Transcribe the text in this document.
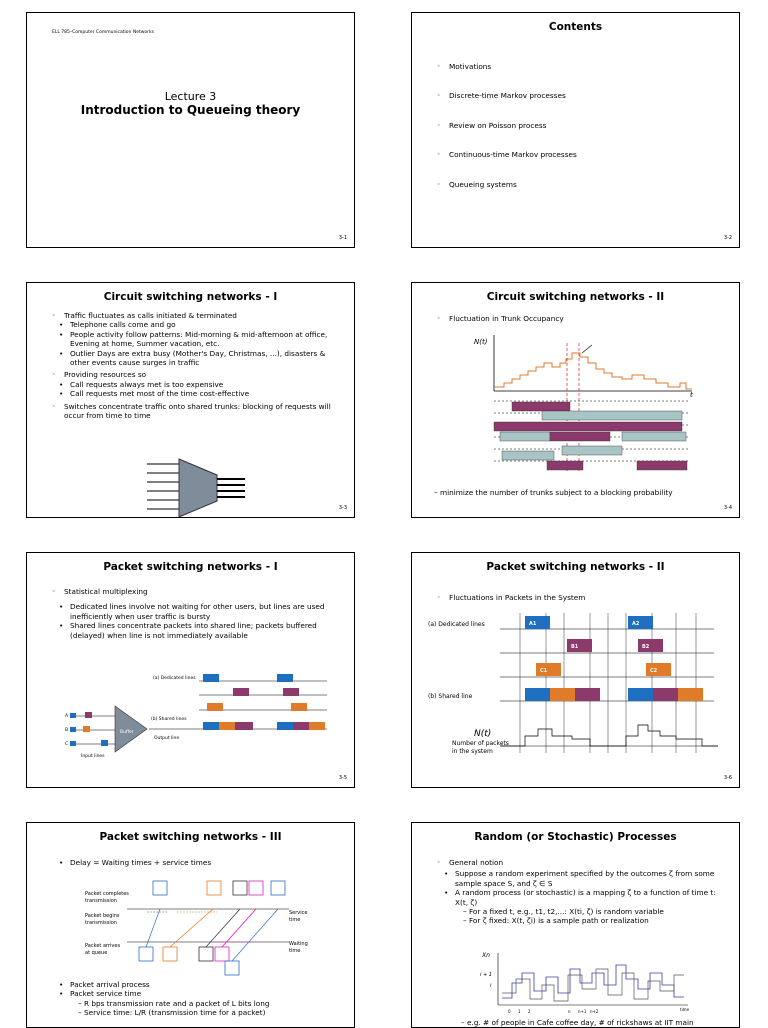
ELL 785–Computer Communication Networks
Lecture 3
Introduction to Queueing theory
3-1
Contents
◦ Motivations
◦ Discrete-time Markov processes
◦ Review on Poisson process
◦ Continuous-time Markov processes
◦ Queueing systems
3-2
Circuit switching networks - I
◦ Traffic fluctuates as calls initiated & terminated
• Telephone calls come and go
• People activity follow patterns: Mid-morning & mid-afternoon at office, Evening at home, Summer vacation, etc.
• Outlier Days are extra busy (Mother's Day, Christmas, ...), disasters & other events cause surges in traffic
◦ Providing resources so
• Call requests always met is too expensive
• Call requests met most of the time cost-effective
◦ Switches concentrate traffic onto shared trunks: blocking of requests will occur from time to time
3-3
Circuit switching networks - II
◦ Fluctuation in Trunk Occupancy
N(t)
t
– minimize the number of trunks subject to a blocking probability
3-4
Packet switching networks - I
◦ Statistical multiplexing
• Dedicated lines involve not waiting for other users, but lines are used inefficiently when user traffic is bursty
• Shared lines concentrate packets into shared line; packets buffered (delayed) when line is not immediately available
(a) Dedicated lines
(b) Shared lines
Output line
Buffer
A
B
C
Input lines
3-5
Packet switching networks - II
◦ Fluctuations in Packets in the System
(a) Dedicated lines
(b) Shared line
A1	A2
B1	B2
C1	C2
N(t)
Number of packets
in the system
3-6
Packet switching networks - III
• Delay = Waiting times + service times
Packet completes
transmission
Packet begins
transmission
Packet arrives
at queue
Service
time
Waiting
time
• Packet arrival process
• Packet service time
– R bps transmission rate and a packet of L bits long
– Service time: L/R (transmission time for a packet)
Random (or Stochastic) Processes
◦ General notion
• Suppose a random experiment specified by the outcomes ζ from some sample space S, and ζ ∈ S
• A random process (or stochastic) is a mapping ζ to a function of time t: X(t, ζ)
– For a fixed t, e.g., t1, t2,...: X(ti, ζ) is random variable
– For ζ fixed: X(t, ζi) is a sample path or realization
Xn
i + 1
i
0 1 2	n n+1 n+2	time
– e.g. # of people in Cafe coffee day, # of rickshaws at IIT main
